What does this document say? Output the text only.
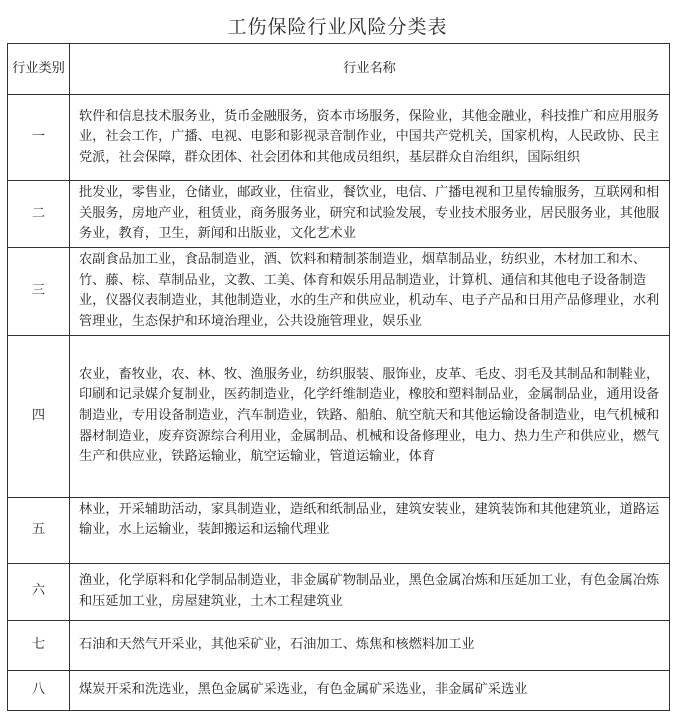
工伤保险行业风险分类表
行业类别	行业名称
一	软件和信息技术服务业，货币金融服务，资本市场服务，保险业，其他金融业，科技推广和应用服务业，社会工作，广播、电视、电影和影视录音制作业，中国共产党机关，国家机构，人民政协、民主党派，社会保障，群众团体、社会团体和其他成员组织，基层群众自治组织，国际组织
二	批发业，零售业，仓储业，邮政业，住宿业，餐饮业，电信、广播电视和卫星传输服务，互联网和相关服务，房地产业，租赁业，商务服务业，研究和试验发展，专业技术服务业，居民服务业，其他服务业，教育，卫生，新闻和出版业，文化艺术业
三	农副食品加工业，食品制造业，酒、饮料和精制茶制造业，烟草制品业，纺织业，木材加工和木、竹、藤、棕、草制品业，文教、工美、体育和娱乐用品制造业，计算机、通信和其他电子设备制造业，仪器仪表制造业，其他制造业，水的生产和供应业，机动车、电子产品和日用产品修理业，水利管理业，生态保护和环境治理业，公共设施管理业，娱乐业
四	农业，畜牧业，农、林、牧、渔服务业，纺织服装、服饰业，皮革、毛皮、羽毛及其制品和制鞋业，印刷和记录媒介复制业，医药制造业，化学纤维制造业，橡胶和塑料制品业，金属制品业，通用设备制造业，专用设备制造业，汽车制造业，铁路、船舶、航空航天和其他运输设备制造业，电气机械和器材制造业，废弃资源综合利用业，金属制品、机械和设备修理业，电力、热力生产和供应业，燃气生产和供应业，铁路运输业，航空运输业，管道运输业，体育
五	林业，开采辅助活动，家具制造业，造纸和纸制品业，建筑安装业，建筑装饰和其他建筑业，道路运输业，水上运输业，装卸搬运和运输代理业
六	渔业，化学原料和化学制品制造业，非金属矿物制品业，黑色金属冶炼和压延加工业，有色金属冶炼和压延加工业，房屋建筑业，土木工程建筑业
七	石油和天然气开采业，其他采矿业，石油加工、炼焦和核燃料加工业
八	煤炭开采和洗选业，黑色金属矿采选业，有色金属矿采选业，非金属矿采选业
